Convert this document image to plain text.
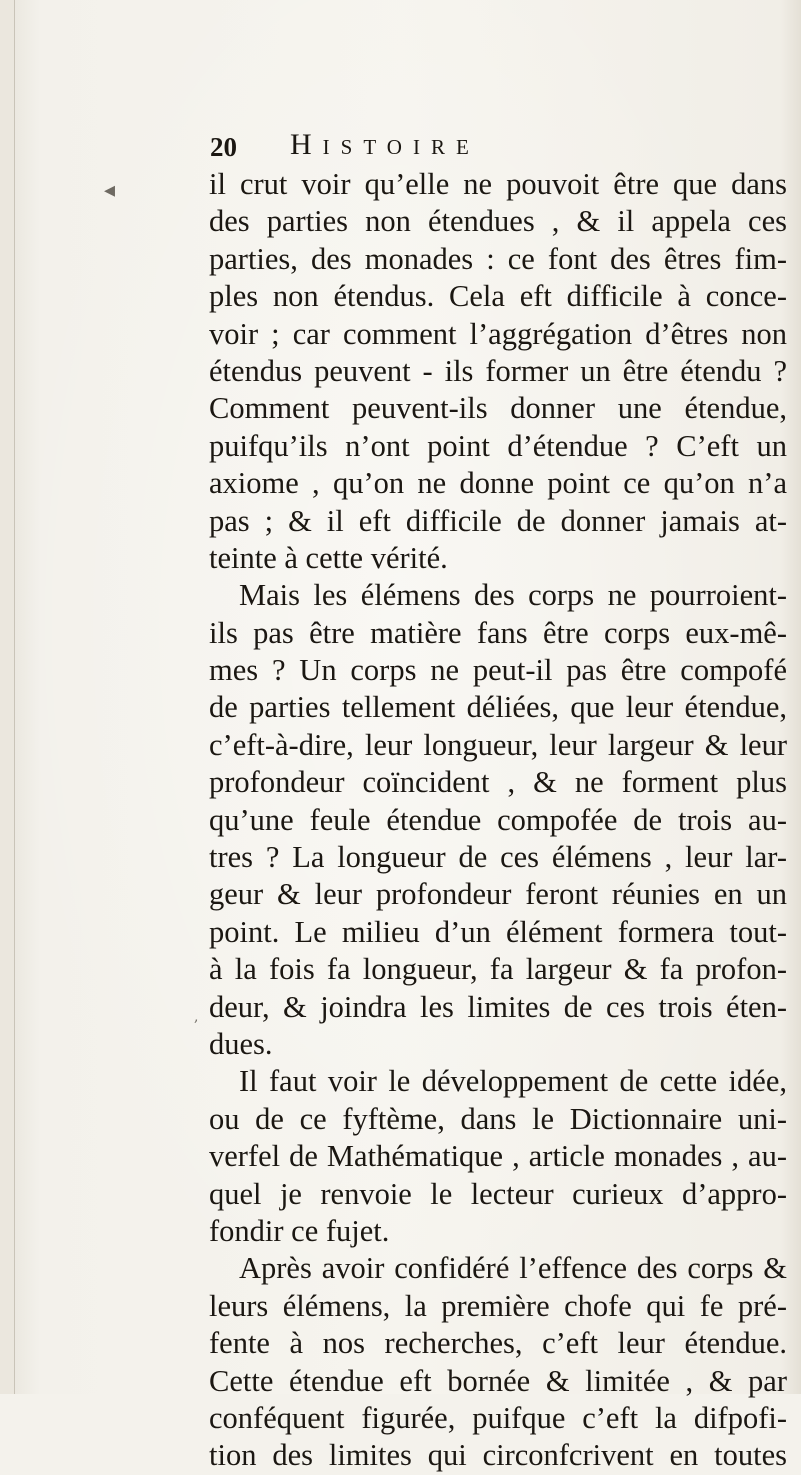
20 Histoire
il crut voir qu’elle ne pouvoit être que dans
des parties non étendues , & il appela ces
parties, des monades : ce font des êtres fim-
ples non étendus. Cela eft difficile à conce-
voir ; car comment l’aggrégation d’êtres non
étendus peuvent - ils former un être étendu ?
Comment peuvent-ils donner une étendue,
puifqu’ils n’ont point d’étendue ? C’eft un
axiome , qu’on ne donne point ce qu’on n’a
pas ; & il eft difficile de donner jamais at-
teinte à cette vérité.
Mais les élémens des corps ne pourroient-
ils pas être matière fans être corps eux-mê-
mes ? Un corps ne peut-il pas être compofé
de parties tellement déliées, que leur étendue,
c’eft-à-dire, leur longueur, leur largeur & leur
profondeur coïncident , & ne forment plus
qu’une feule étendue compofée de trois au-
tres ? La longueur de ces élémens , leur lar-
geur & leur profondeur feront réunies en un
point. Le milieu d’un élément formera tout-
à la fois fa longueur, fa largeur & fa profon-
deur, & joindra les limites de ces trois éten-
dues.
Il faut voir le développement de cette idée,
ou de ce fyftème, dans le Dictionnaire uni-
verfel de Mathématique , article monades , au-
quel je renvoie le lecteur curieux d’appro-
fondir ce fujet.
Après avoir confidéré l’effence des corps &
leurs élémens, la première chofe qui fe pré-
fente à nos recherches, c’eft leur étendue.
Cette étendue eft bornée & limitée , & par
conféquent figurée, puifque c’eft la difpofi-
tion des limites qui circonfcrivent en toutes
◂
,
